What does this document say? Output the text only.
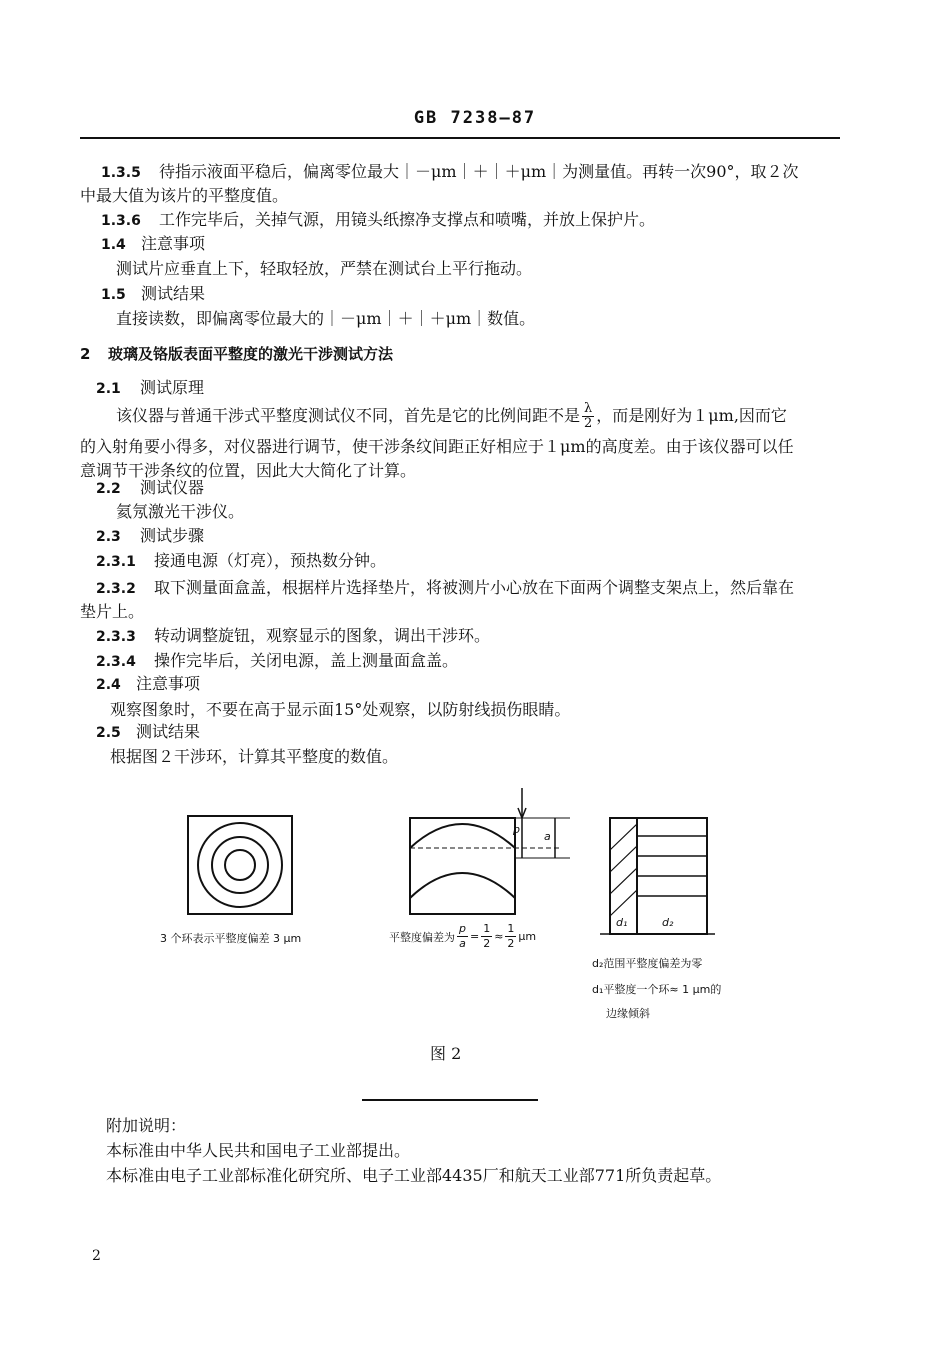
GB 7238—87
1.3.5 待指示液面平稳后，偏离零位最大｜－μm｜＋｜＋μm｜为测量值。再转一次90°，取２次
中最大值为该片的平整度值。
1.3.6 工作完毕后，关掉气源，用镜头纸擦净支撑点和喷嘴，并放上保护片。
1.4 注意事项
测试片应垂直上下，轻取轻放，严禁在测试台上平行拖动。
1.5 测试结果
直接读数，即偏离零位最大的｜－μm｜＋｜＋μm｜数值。
2 玻璃及铬版表面平整度的激光干涉测试方法
2.1 测试原理
该仪器与普通干涉式平整度测试仪不同，首先是它的比例间距不是 $\frac{\lambda}{2}$ ，而是刚好为１μm,因而它
的入射角要小得多，对仪器进行调节，使干涉条纹间距正好相应于１μm的高度差。由于该仪器可以任
意调节干涉条纹的位置，因此大大简化了计算。
2.2 测试仪器
氦氖激光干涉仪。
2.3 测试步骤
2.3.1 接通电源（灯亮），预热数分钟。
2.3.2 取下测量面盒盖，根据样片选择垫片，将被测片小心放在下面两个调整支架点上，然后靠在
垫片上。
2.3.3 转动调整旋钮，观察显示的图象，调出干涉环。
2.3.4 操作完毕后，关闭电源，盖上测量面盒盖。
2.4 注意事项
观察图象时，不要在高于显示面15°处观察，以防射线损伤眼睛。
2.5 测试结果
根据图２干涉环，计算其平整度的数值。
p
a
d₁	d₂
3 个环表示平整度偏差 3 μm	平整度偏差为 $\frac{p}{a} = \frac{1}{2} \approx \frac{1}{2}$ μm
d₂范围平整度偏差为零
d₁平整度一个环≈ 1 μm的
边缘倾斜
图 2
附加说明：
本标准由中华人民共和国电子工业部提出。
本标准由电子工业部标准化研究所、电子工业部4435厂和航天工业部771所负责起草。
2
